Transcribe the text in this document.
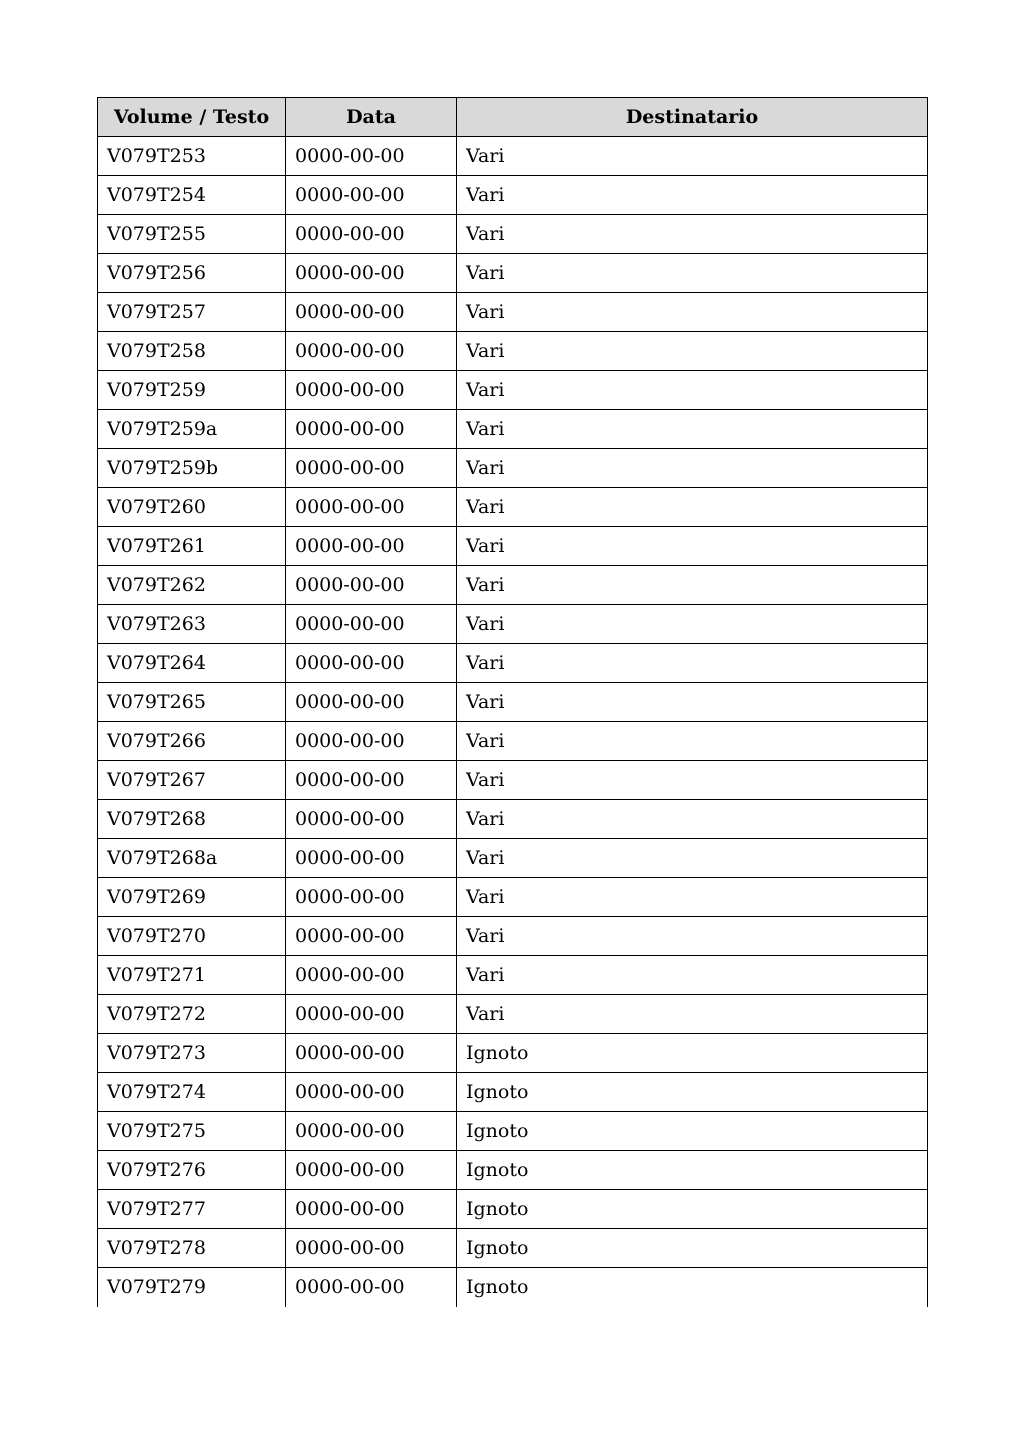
Volume / Testo	Data	Destinatario
V079T253	0000-00-00	Vari
V079T254	0000-00-00	Vari
V079T255	0000-00-00	Vari
V079T256	0000-00-00	Vari
V079T257	0000-00-00	Vari
V079T258	0000-00-00	Vari
V079T259	0000-00-00	Vari
V079T259a	0000-00-00	Vari
V079T259b	0000-00-00	Vari
V079T260	0000-00-00	Vari
V079T261	0000-00-00	Vari
V079T262	0000-00-00	Vari
V079T263	0000-00-00	Vari
V079T264	0000-00-00	Vari
V079T265	0000-00-00	Vari
V079T266	0000-00-00	Vari
V079T267	0000-00-00	Vari
V079T268	0000-00-00	Vari
V079T268a	0000-00-00	Vari
V079T269	0000-00-00	Vari
V079T270	0000-00-00	Vari
V079T271	0000-00-00	Vari
V079T272	0000-00-00	Vari
V079T273	0000-00-00	Ignoto
V079T274	0000-00-00	Ignoto
V079T275	0000-00-00	Ignoto
V079T276	0000-00-00	Ignoto
V079T277	0000-00-00	Ignoto
V079T278	0000-00-00	Ignoto
V079T279	0000-00-00	Ignoto
